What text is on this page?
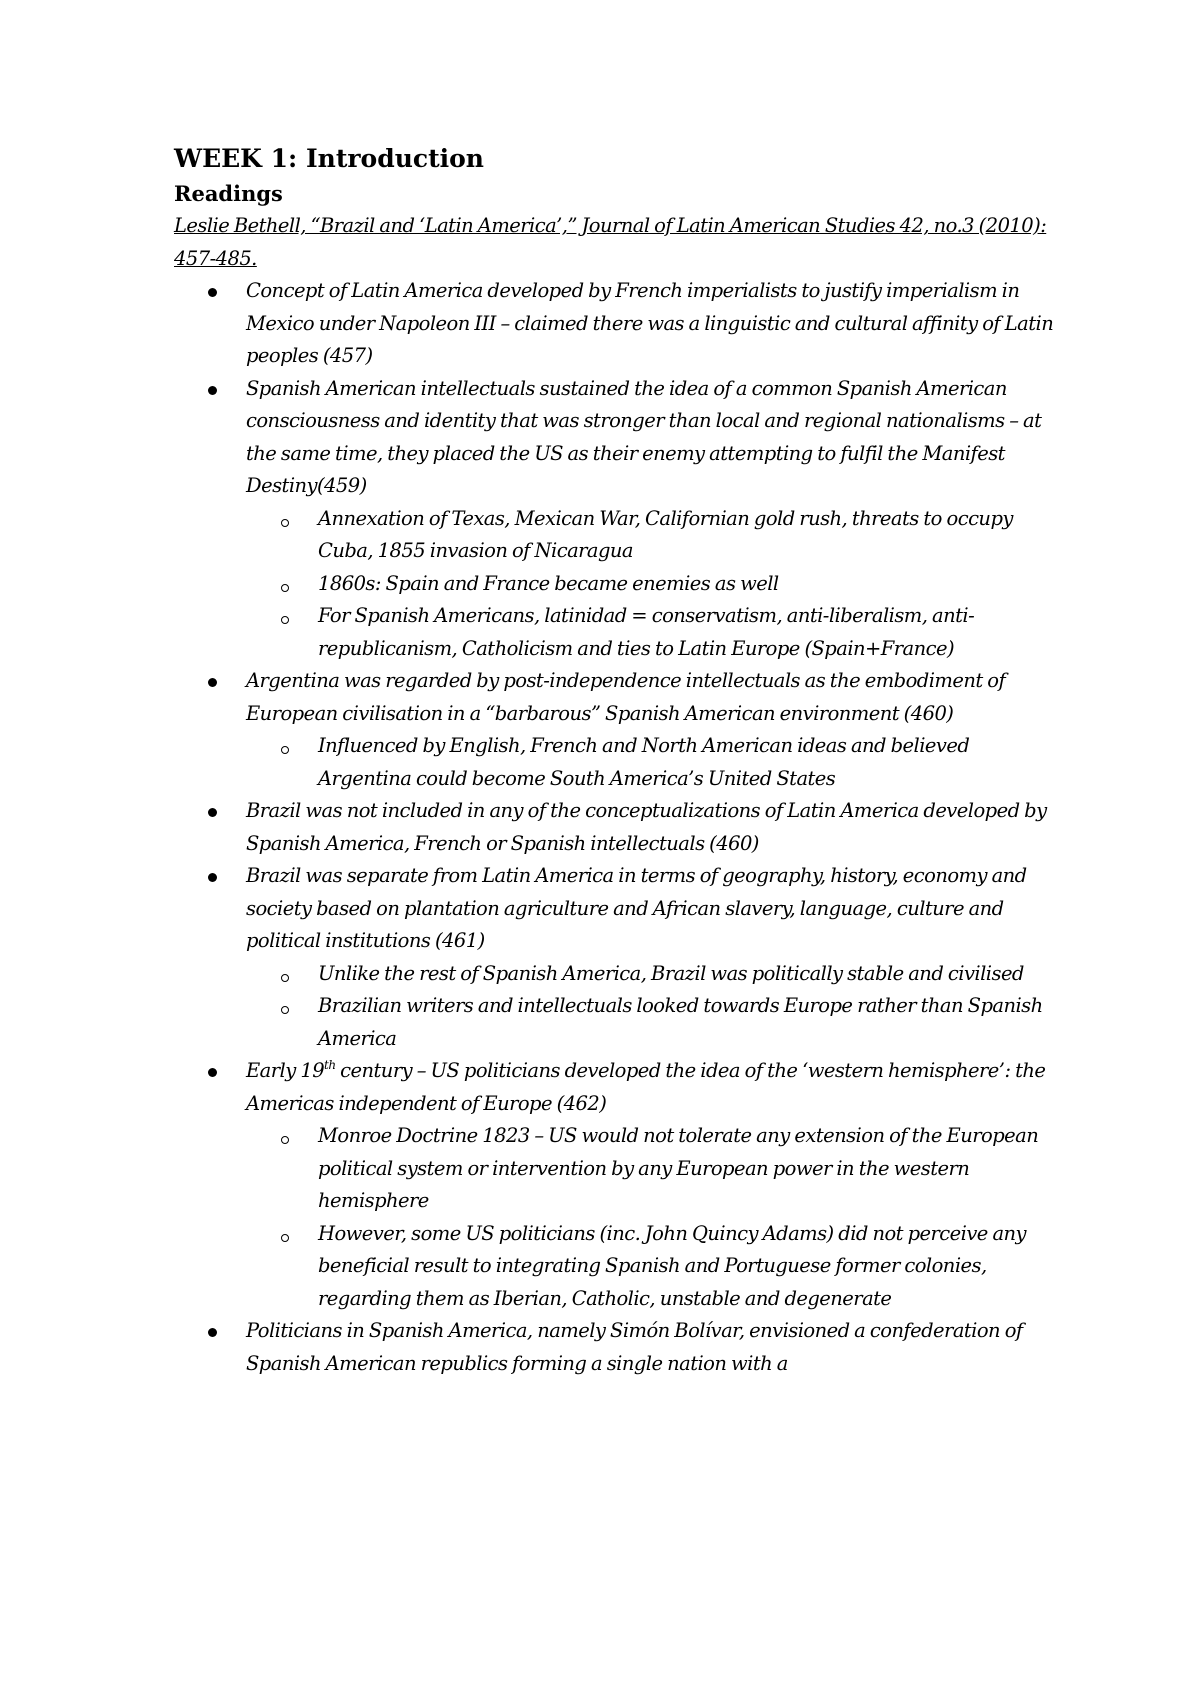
WEEK 1: Introduction
Readings

Leslie Bethell, “Brazil and ‘Latin America’,” Journal of Latin American Studies 42, no.3 (2010): 457-485.

Concept of Latin America developed by French imperialists to justify imperialism in Mexico under Napoleon III – claimed there was a linguistic and cultural affinity of Latin peoples (457)
Spanish American intellectuals sustained the idea of a common Spanish American consciousness and identity that was stronger than local and regional nationalisms – at the same time, they placed the US as their enemy attempting to fulfil the Manifest Destiny(459)
Annexation of Texas, Mexican War, Californian gold rush, threats to occupy Cuba, 1855 invasion of Nicaragua
1860s: Spain and France became enemies as well
For Spanish Americans, latinidad = conservatism, anti-liberalism, anti-republicanism, Catholicism and ties to Latin Europe (Spain+France)
Argentina was regarded by post-independence intellectuals as the embodiment of European civilisation in a “barbarous” Spanish American environment (460)
Influenced by English, French and North American ideas and believed Argentina could become South America’s United States
Brazil was not included in any of the conceptualizations of Latin America developed by Spanish America, French or Spanish intellectuals (460)
Brazil was separate from Latin America in terms of geography, history, economy and society based on plantation agriculture and African slavery, language, culture and political institutions (461)
Unlike the rest of Spanish America, Brazil was politically stable and civilised
Brazilian writers and intellectuals looked towards Europe rather than Spanish America
Early 19th century – US politicians developed the idea of the ‘western hemisphere’: the Americas independent of Europe (462)
Monroe Doctrine 1823 – US would not tolerate any extension of the European political system or intervention by any European power in the western hemisphere
However, some US politicians (inc. John Quincy Adams) did not perceive any beneficial result to integrating Spanish and Portuguese former colonies, regarding them as Iberian, Catholic, unstable and degenerate
Politicians in Spanish America, namely Simón Bolívar, envisioned a confederation of Spanish American republics forming a single nation with a
